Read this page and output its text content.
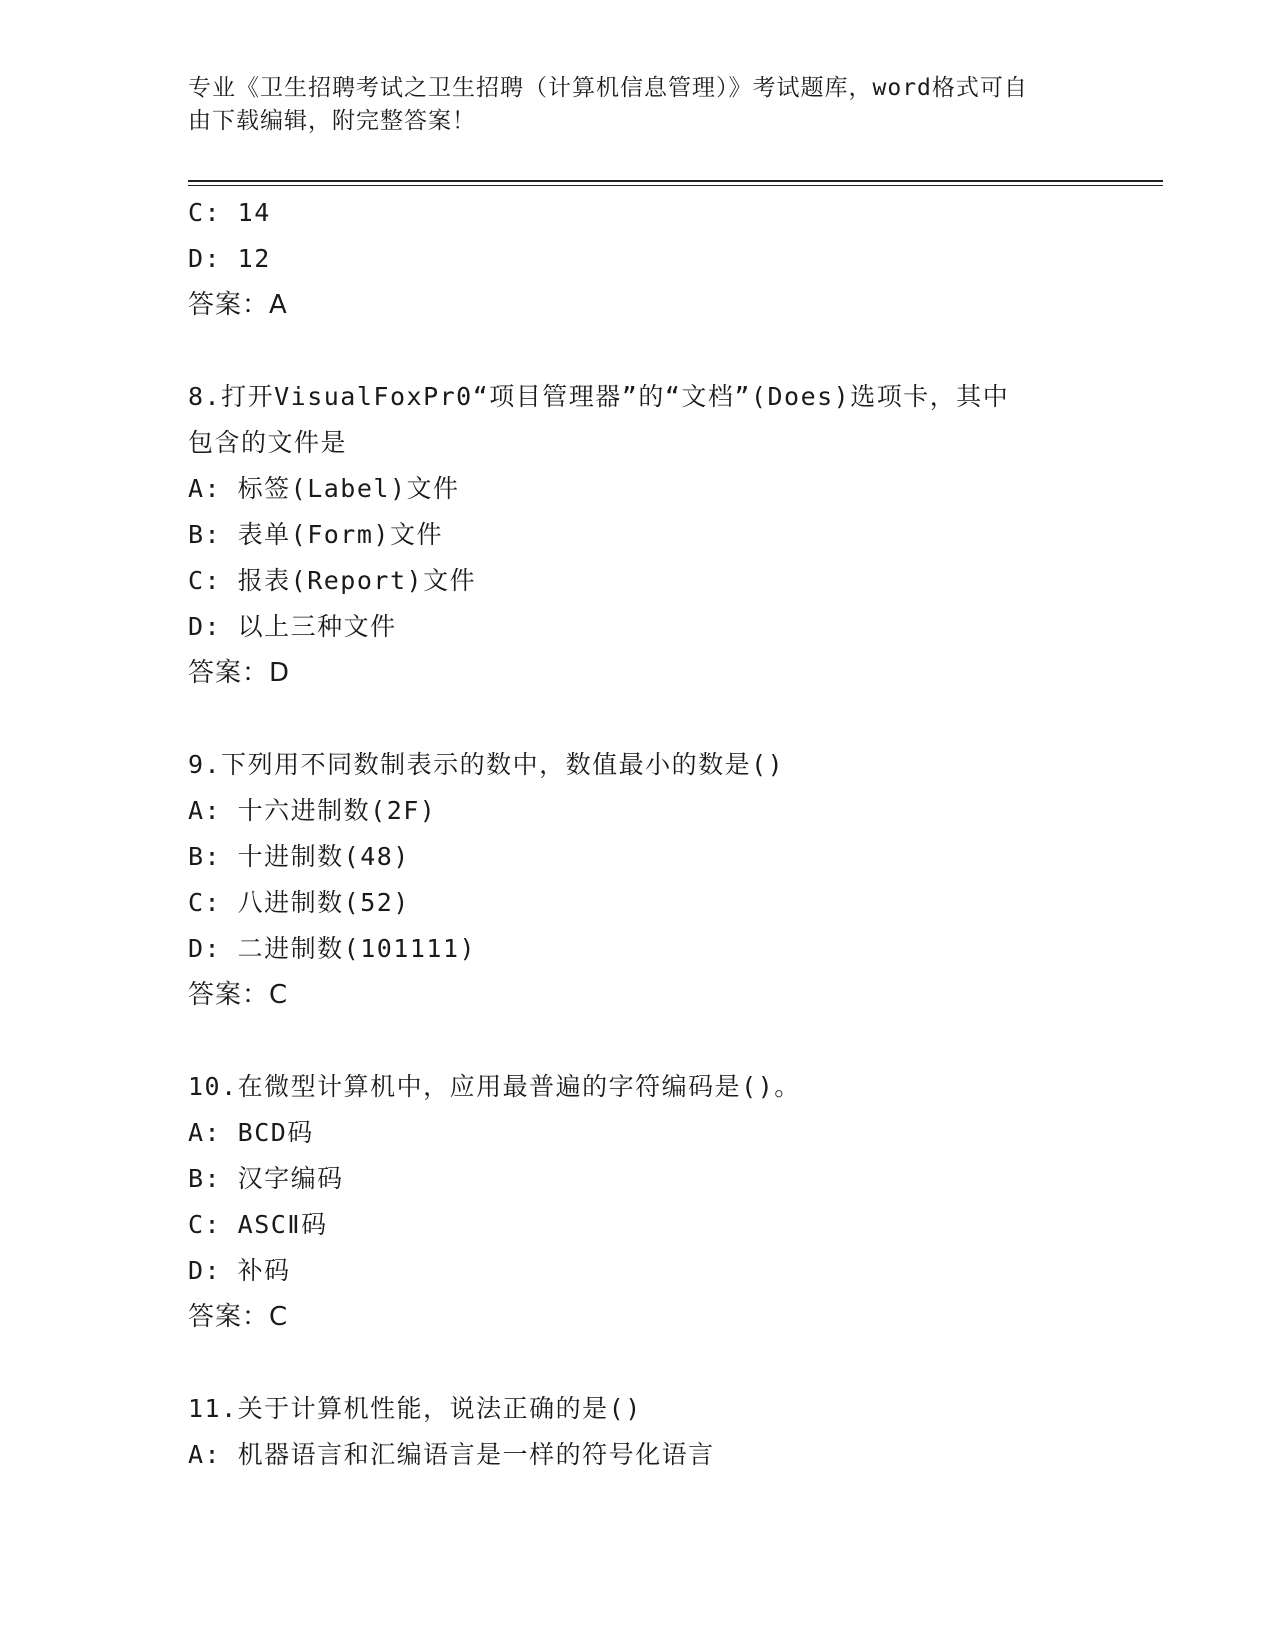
专业《卫生招聘考试之卫生招聘（计算机信息管理）》考试题库，word格式可自
由下载编辑，附完整答案！
C: 14
D: 12
答案：A
8.打开VisualFoxPr0“项目管理器”的“文档”(Does)选项卡，其中
包含的文件是
A: 标签(Label)文件
B: 表单(Form)文件
C: 报表(Report)文件
D: 以上三种文件
答案：D
9.下列用不同数制表示的数中，数值最小的数是()
A: 十六进制数(2F)
B: 十进制数(48)
C: 八进制数(52)
D: 二进制数(101111)
答案：C
10.在微型计算机中，应用最普遍的字符编码是()。
A: BCD码
B: 汉字编码
C: ASCⅡ码
D: 补码
答案：C
11.关于计算机性能，说法正确的是()
A: 机器语言和汇编语言是一样的符号化语言
